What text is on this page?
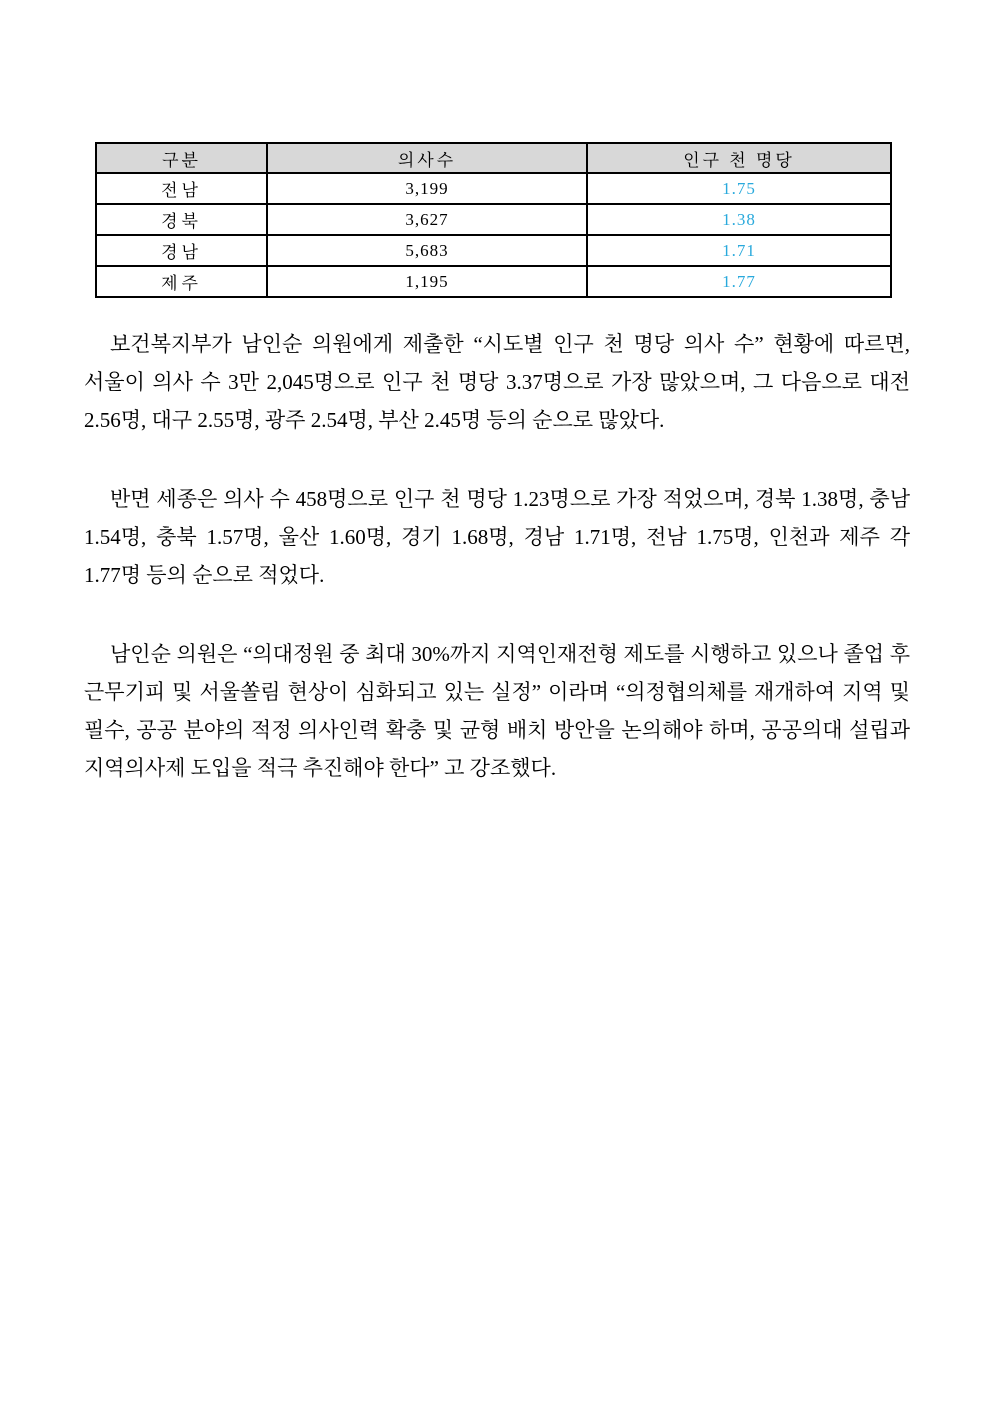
구분	의사수	인구 천 명당
전남	3,199	1.75
경북	3,627	1.38
경남	5,683	1.71
제주	1,195	1.77

보건복지부가 남인순 의원에게 제출한 “시도별 인구 천 명당 의사 수” 현황에 따르면, 서울이 의사 수 3만 2,045명으로 인구 천 명당 3.37명으로 가장 많았으며, 그 다음으로 대전 2.56명, 대구 2.55명, 광주 2.54명, 부산 2.45명 등의 순으로 많았다.

반면 세종은 의사 수 458명으로 인구 천 명당 1.23명으로 가장 적었으며, 경북 1.38명, 충남 1.54명, 충북 1.57명, 울산 1.60명, 경기 1.68명, 경남 1.71명, 전남 1.75명, 인천과 제주 각 1.77명 등의 순으로 적었다.

남인순 의원은 “의대정원 중 최대 30%까지 지역인재전형 제도를 시행하고 있으나 졸업 후 근무기피 및 서울쏠림 현상이 심화되고 있는 실정” 이라며 “의정협의체를 재개하여 지역 및 필수, 공공 분야의 적정 의사인력 확충 및 균형 배치 방안을 논의해야 하며, 공공의대 설립과 지역의사제 도입을 적극 추진해야 한다” 고 강조했다.
